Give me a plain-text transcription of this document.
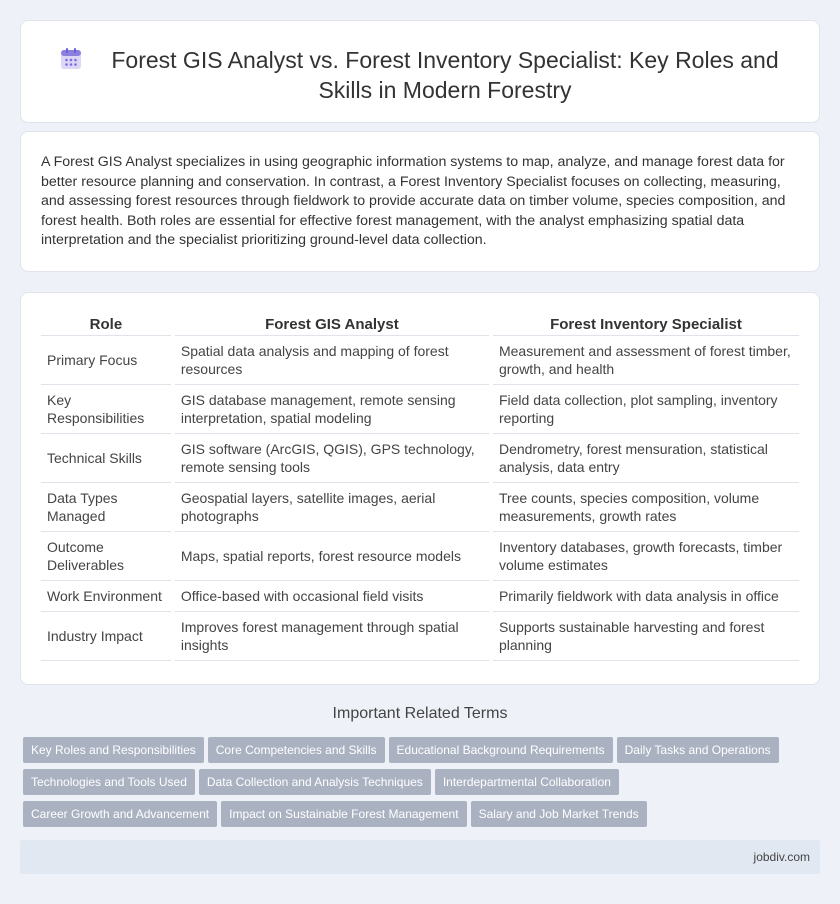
Forest GIS Analyst vs. Forest Inventory Specialist: Key Roles and Skills in Modern Forestry

A Forest GIS Analyst specializes in using geographic information systems to map, analyze, and manage forest data for better resource planning and conservation. In contrast, a Forest Inventory Specialist focuses on collecting, measuring, and assessing forest resources through fieldwork to provide accurate data on timber volume, species composition, and forest health. Both roles are essential for effective forest management, with the analyst emphasizing spatial data interpretation and the specialist prioritizing ground-level data collection.

Role	Forest GIS Analyst	Forest Inventory Specialist
Primary Focus	Spatial data analysis and mapping of forest resources	Measurement and assessment of forest timber, growth, and health
Key Responsibilities	GIS database management, remote sensing interpretation, spatial modeling	Field data collection, plot sampling, inventory reporting
Technical Skills	GIS software (ArcGIS, QGIS), GPS technology, remote sensing tools	Dendrometry, forest mensuration, statistical analysis, data entry
Data Types Managed	Geospatial layers, satellite images, aerial photographs	Tree counts, species composition, volume measurements, growth rates
Outcome Deliverables	Maps, spatial reports, forest resource models	Inventory databases, growth forecasts, timber volume estimates
Work Environment	Office-based with occasional field visits	Primarily fieldwork with data analysis in office
Industry Impact	Improves forest management through spatial insights	Supports sustainable harvesting and forest planning
Important Related Terms
Key Roles and Responsibilities Core Competencies and Skills Educational Background Requirements Daily Tasks and Operations
Technologies and Tools Used Data Collection and Analysis Techniques Interdepartmental Collaboration
Career Growth and Advancement Impact on Sustainable Forest Management Salary and Job Market Trends
jobdiv.com
